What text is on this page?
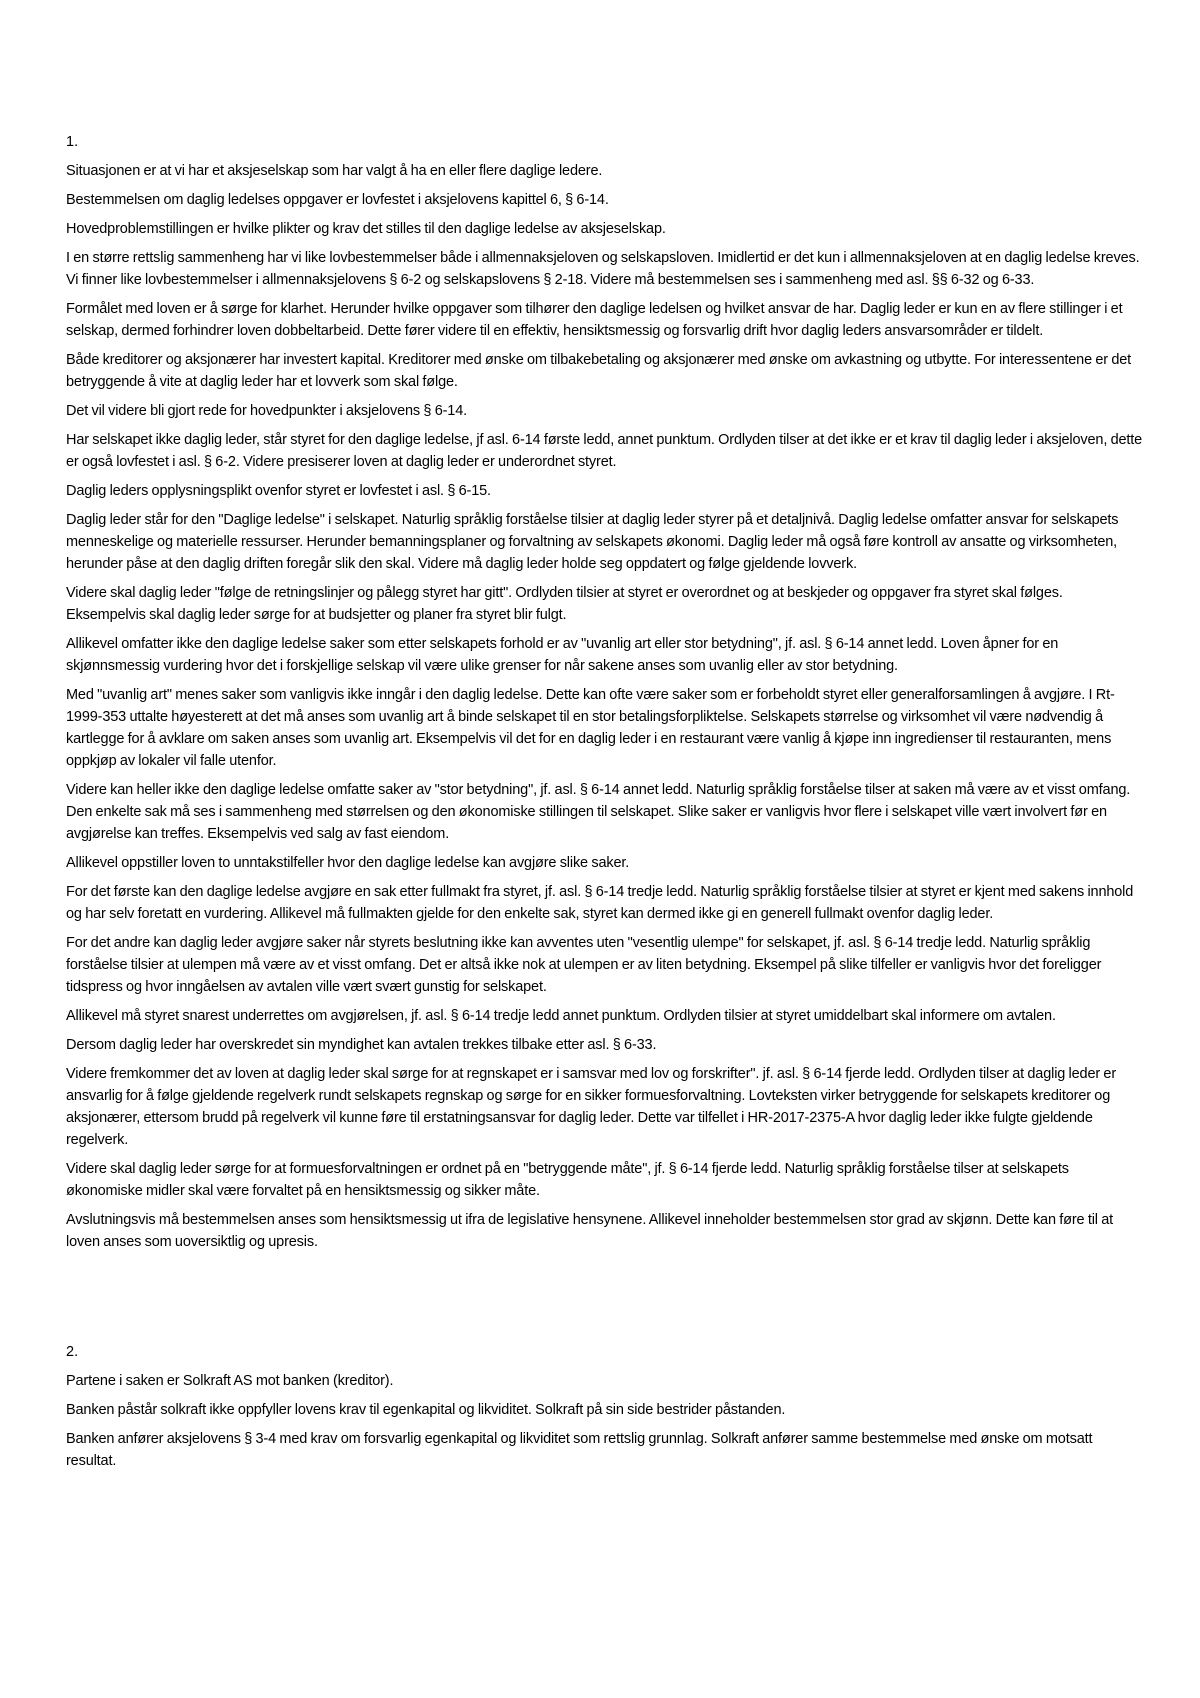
1.

Situasjonen er at vi har et aksjeselskap som har valgt å ha en eller flere daglige ledere.

Bestemmelsen om daglig ledelses oppgaver er lovfestet i aksjelovens kapittel 6, § 6-14.

Hovedproblemstillingen er hvilke plikter og krav det stilles til den daglige ledelse av aksjeselskap.

I en større rettslig sammenheng har vi like lovbestemmelser både i allmennaksjeloven og selskapsloven. Imidlertid er det kun i allmennaksjeloven at en daglig ledelse kreves. Vi finner like lovbestemmelser i allmennaksjelovens § 6-2 og selskapslovens § 2-18. Videre må bestemmelsen ses i sammenheng med asl. §§ 6-32 og 6-33.

Formålet med loven er å sørge for klarhet. Herunder hvilke oppgaver som tilhører den daglige ledelsen og hvilket ansvar de har. Daglig leder er kun en av flere stillinger i et selskap, dermed forhindrer loven dobbeltarbeid. Dette fører videre til en effektiv, hensiktsmessig og forsvarlig drift hvor daglig leders ansvarsområder er tildelt.

Både kreditorer og aksjonærer har investert kapital. Kreditorer med ønske om tilbakebetaling og aksjonærer med ønske om avkastning og utbytte. For interessentene er det betryggende å vite at daglig leder har et lovverk som skal følge.

Det vil videre bli gjort rede for hovedpunkter i aksjelovens § 6-14.

Har selskapet ikke daglig leder, står styret for den daglige ledelse, jf asl. 6-14 første ledd, annet punktum. Ordlyden tilser at det ikke er et krav til daglig leder i aksjeloven, dette er også lovfestet i asl. § 6-2. Videre presiserer loven at daglig leder er underordnet styret.

Daglig leders opplysningsplikt ovenfor styret er lovfestet i asl. § 6-15.

Daglig leder står for den "Daglige ledelse" i selskapet. Naturlig språklig forståelse tilsier at daglig leder styrer på et detaljnivå. Daglig ledelse omfatter ansvar for selskapets menneskelige og materielle ressurser. Herunder bemanningsplaner og forvaltning av selskapets økonomi. Daglig leder må også føre kontroll av ansatte og virksomheten, herunder påse at den daglig driften foregår slik den skal. Videre må daglig leder holde seg oppdatert og følge gjeldende lovverk.

Videre skal daglig leder "følge de retningslinjer og pålegg styret har gitt". Ordlyden tilsier at styret er overordnet og at beskjeder og oppgaver fra styret skal følges. Eksempelvis skal daglig leder sørge for at budsjetter og planer fra styret blir fulgt.

Allikevel omfatter ikke den daglige ledelse saker som etter selskapets forhold er av "uvanlig art eller stor betydning", jf. asl. § 6-14 annet ledd. Loven åpner for en skjønnsmessig vurdering hvor det i forskjellige selskap vil være ulike grenser for når sakene anses som uvanlig eller av stor betydning.

Med "uvanlig art" menes saker som vanligvis ikke inngår i den daglig ledelse. Dette kan ofte være saker som er forbeholdt styret eller generalforsamlingen å avgjøre. I Rt-1999-353 uttalte høyesterett at det må anses som uvanlig art å binde selskapet til en stor betalingsforpliktelse. Selskapets størrelse og virksomhet vil være nødvendig å kartlegge for å avklare om saken anses som uvanlig art. Eksempelvis vil det for en daglig leder i en restaurant være vanlig å kjøpe inn ingredienser til restauranten, mens oppkjøp av lokaler vil falle utenfor.

Videre kan heller ikke den daglige ledelse omfatte saker av "stor betydning", jf. asl. § 6-14 annet ledd. Naturlig språklig forståelse tilser at saken må være av et visst omfang. Den enkelte sak må ses i sammenheng med størrelsen og den økonomiske stillingen til selskapet. Slike saker er vanligvis hvor flere i selskapet ville vært involvert før en avgjørelse kan treffes. Eksempelvis ved salg av fast eiendom.

Allikevel oppstiller loven to unntakstilfeller hvor den daglige ledelse kan avgjøre slike saker.

For det første kan den daglige ledelse avgjøre en sak etter fullmakt fra styret, jf. asl. § 6-14 tredje ledd. Naturlig språklig forståelse tilsier at styret er kjent med sakens innhold og har selv foretatt en vurdering. Allikevel må fullmakten gjelde for den enkelte sak, styret kan dermed ikke gi en generell fullmakt ovenfor daglig leder.

For det andre kan daglig leder avgjøre saker når styrets beslutning ikke kan avventes uten "vesentlig ulempe" for selskapet, jf. asl. § 6-14 tredje ledd. Naturlig språklig forståelse tilsier at ulempen må være av et visst omfang. Det er altså ikke nok at ulempen er av liten betydning. Eksempel på slike tilfeller er vanligvis hvor det foreligger tidspress og hvor inngåelsen av avtalen ville vært svært gunstig for selskapet.

Allikevel må styret snarest underrettes om avgjørelsen, jf. asl. § 6-14 tredje ledd annet punktum. Ordlyden tilsier at styret umiddelbart skal informere om avtalen.

Dersom daglig leder har overskredet sin myndighet kan avtalen trekkes tilbake etter asl. § 6-33.

Videre fremkommer det av loven at daglig leder skal sørge for at regnskapet er i samsvar med lov og forskrifter". jf. asl. § 6-14 fjerde ledd. Ordlyden tilser at daglig leder er ansvarlig for å følge gjeldende regelverk rundt selskapets regnskap og sørge for en sikker formuesforvaltning. Lovteksten virker betryggende for selskapets kreditorer og aksjonærer, ettersom brudd på regelverk vil kunne føre til erstatningsansvar for daglig leder. Dette var tilfellet i HR-2017-2375-A hvor daglig leder ikke fulgte gjeldende regelverk.

Videre skal daglig leder sørge for at formuesforvaltningen er ordnet på en "betryggende måte", jf. § 6-14 fjerde ledd. Naturlig språklig forståelse tilser at selskapets økonomiske midler skal være forvaltet på en hensiktsmessig og sikker måte.

Avslutningsvis må bestemmelsen anses som hensiktsmessig ut ifra de legislative hensynene. Allikevel inneholder bestemmelsen stor grad av skjønn. Dette kan føre til at loven anses som uoversiktlig og upresis.

2.

Partene i saken er Solkraft AS mot banken (kreditor).

Banken påstår solkraft ikke oppfyller lovens krav til egenkapital og likviditet. Solkraft på sin side bestrider påstanden.

Banken anfører aksjelovens § 3-4 med krav om forsvarlig egenkapital og likviditet som rettslig grunnlag. Solkraft anfører samme bestemmelse med ønske om motsatt resultat.
